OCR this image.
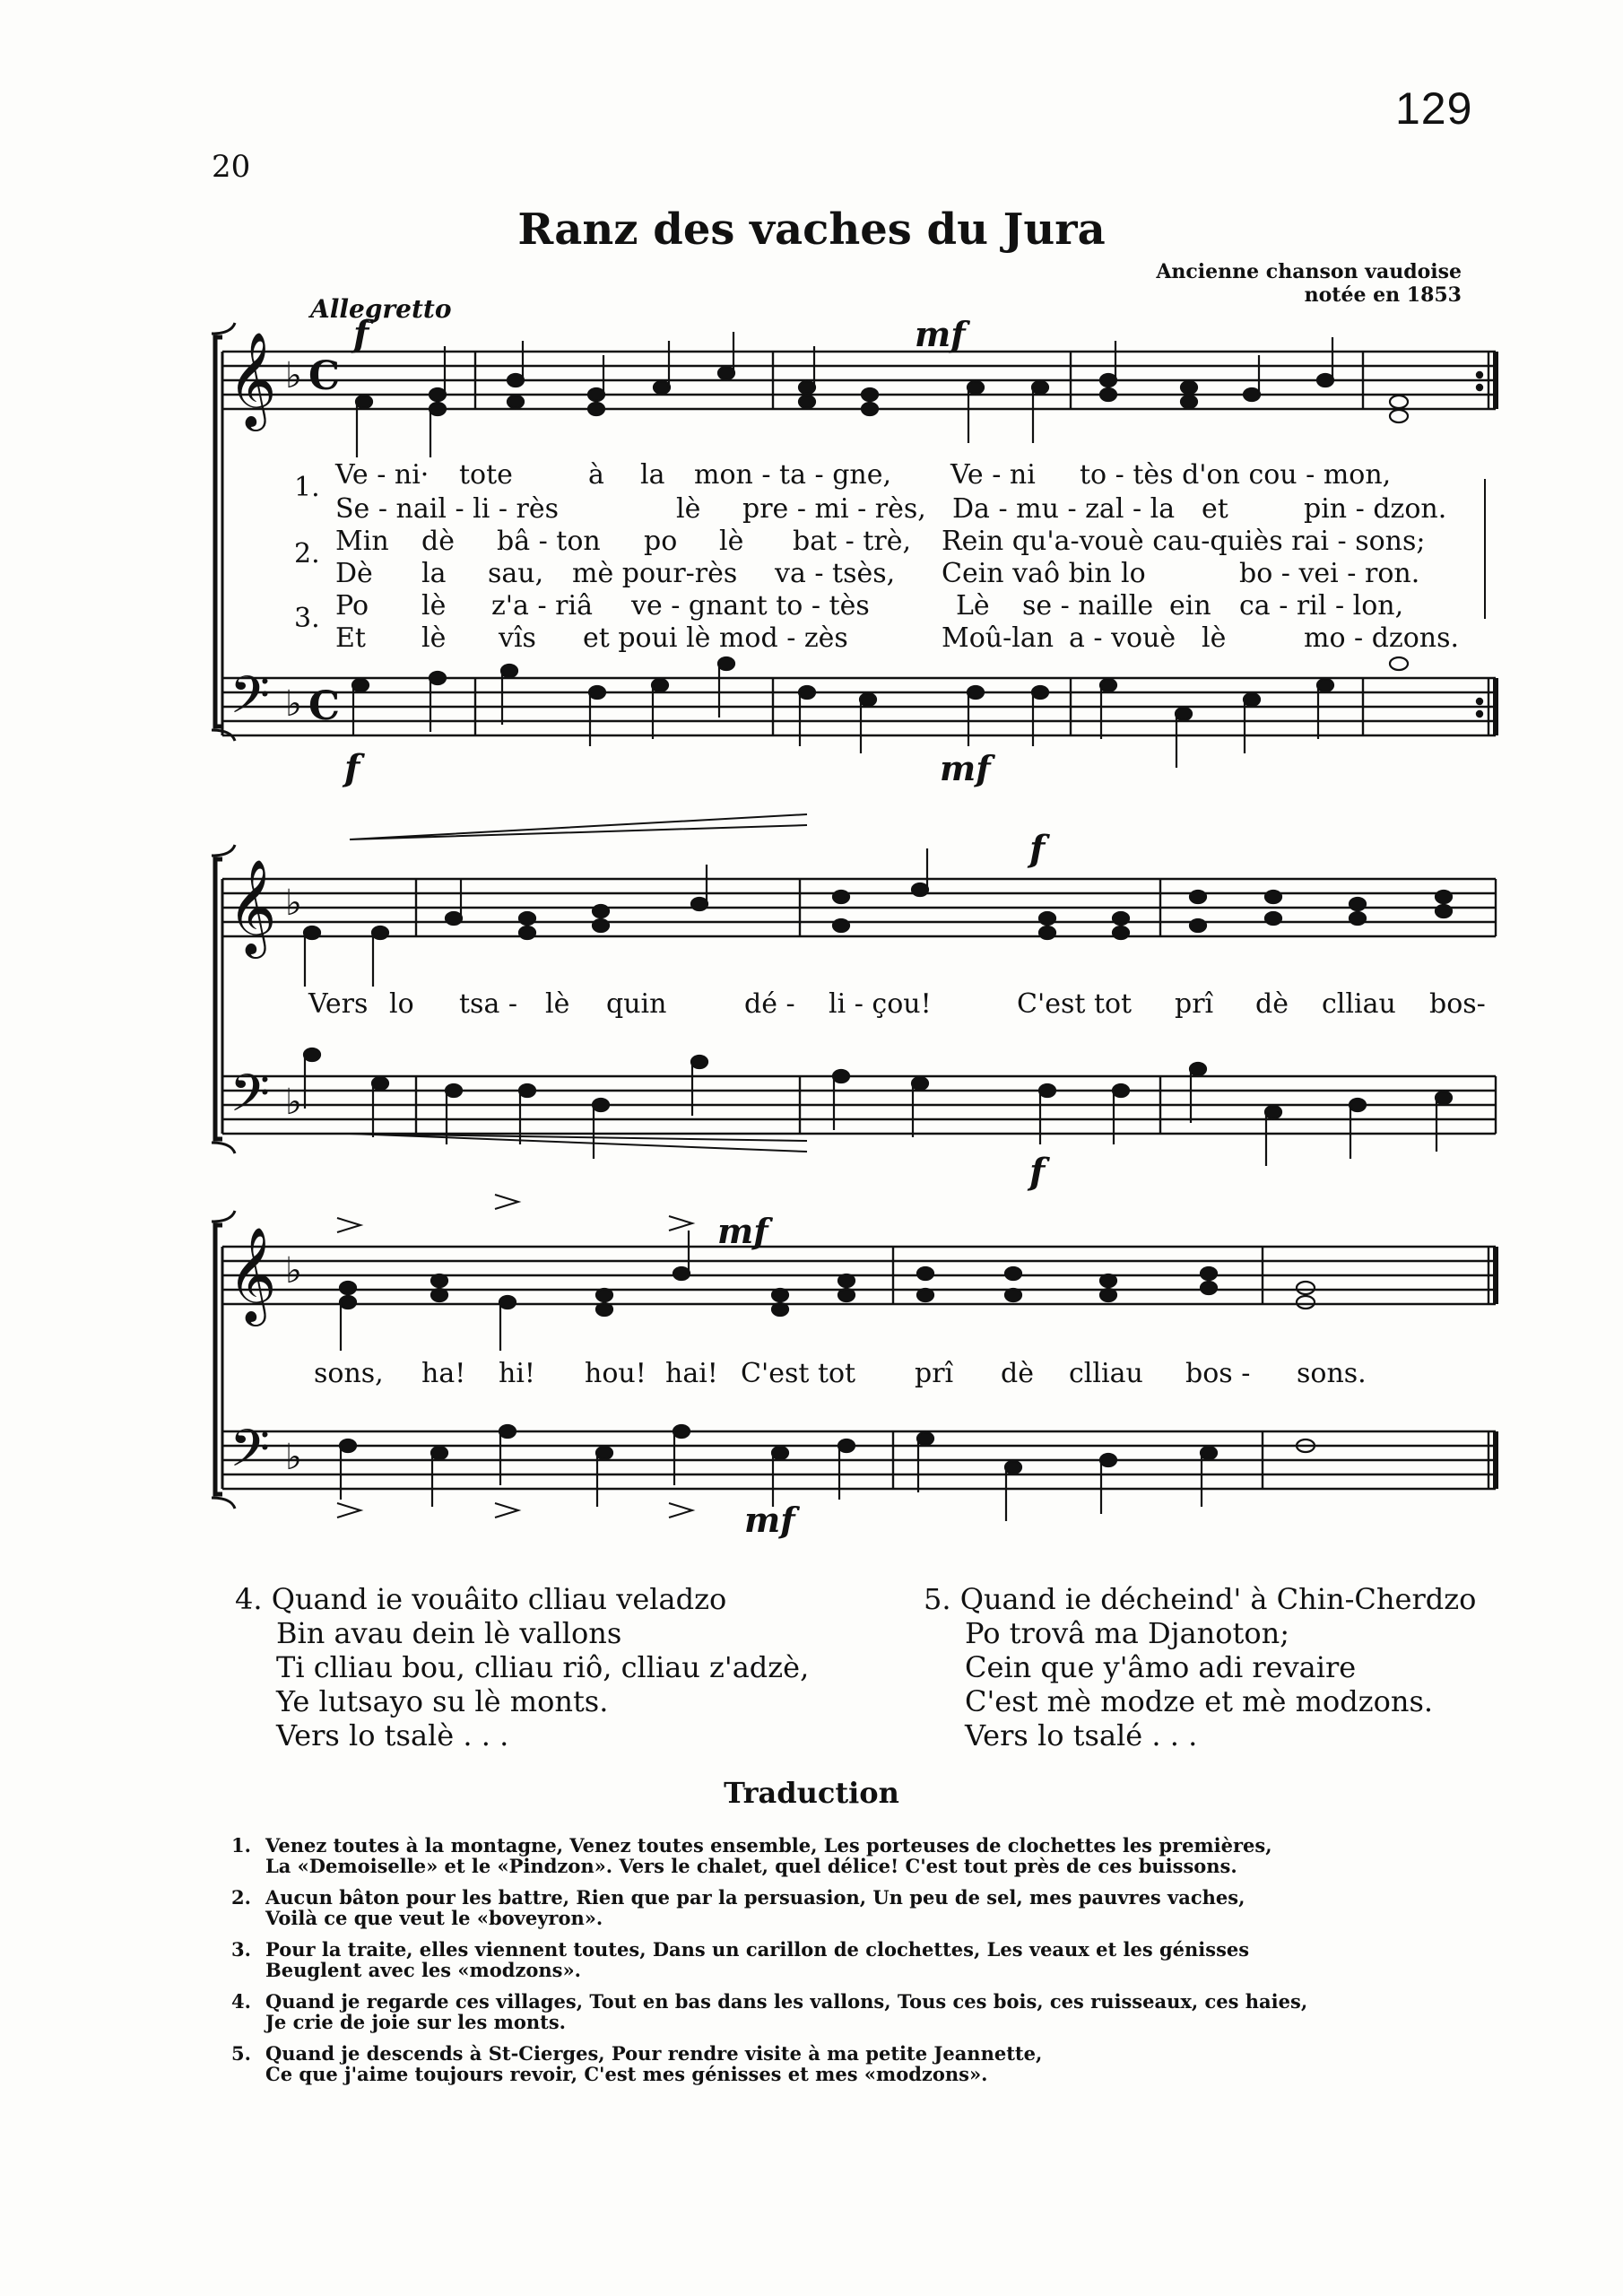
129
20
Ranz des vaches du Jura
Ancienne chanson vaudoise
notée en 1853
Allegretto
𝄞 ♭ C
𝄢 ♭ C
f	mf
f	mf
𝄞 ♭
𝄢 ♭
f
f
𝄞 ♭
𝄢 ♭
mf
mf
1.
2.
3.
Ve - ni· tote	à la mon - ta - gne, Ve - ni to - tès d'on cou - mon,
Se - nail - li - rès	lè pre - mi - rès, Da - mu - zal - la et	pin - dzon.
Min dè bâ - ton po lè bat - trè, Rein qu'a-vouè cau-quiès rai - sons;
Dè la sau, mè pour-rès va - tsès, Cein vaô bin lo	bo - vei - ron.
Po lè z'a - riâ ve - gnant to - tès	Lè se - naille ein ca - ril - lon,
Et lè vîs et poui lè mod - zès	Moû-lan a - vouè lè	mo - dzons.
Vers lo tsa - lè quin	dé - li - çou!	C'est tot prî dè clliau bos-
sons, ha! hi! hou! hai! C'est tot prî dè clliau bos - sons.
4. Quand ie vouâito clliau veladzo
Bin avau dein lè vallons
Ti clliau bou, clliau riô, clliau z'adzè,
Ye lutsayo su lè monts.
Vers lo tsalè . . .
5. Quand ie décheind' à Chin-Cherdzo
Po trovâ ma Djanoton;
Cein que y'âmo adi revaire
C'est mè modze et mè modzons.
Vers lo tsalé . . .
Traduction
1. Venez toutes à la montagne, Venez toutes ensemble, Les porteuses de clochettes les premières,
La «Demoiselle» et le «Pindzon». Vers le chalet, quel délice! C'est tout près de ces buissons.
2. Aucun bâton pour les battre, Rien que par la persuasion, Un peu de sel, mes pauvres vaches,
Voilà ce que veut le «boveyron».
3. Pour la traite, elles viennent toutes, Dans un carillon de clochettes, Les veaux et les génisses
Beuglent avec les «modzons».
4. Quand je regarde ces villages, Tout en bas dans les vallons, Tous ces bois, ces ruisseaux, ces haies,
Je crie de joie sur les monts.
5. Quand je descends à St-Cierges, Pour rendre visite à ma petite Jeannette,
Ce que j'aime toujours revoir, C'est mes génisses et mes «modzons».
